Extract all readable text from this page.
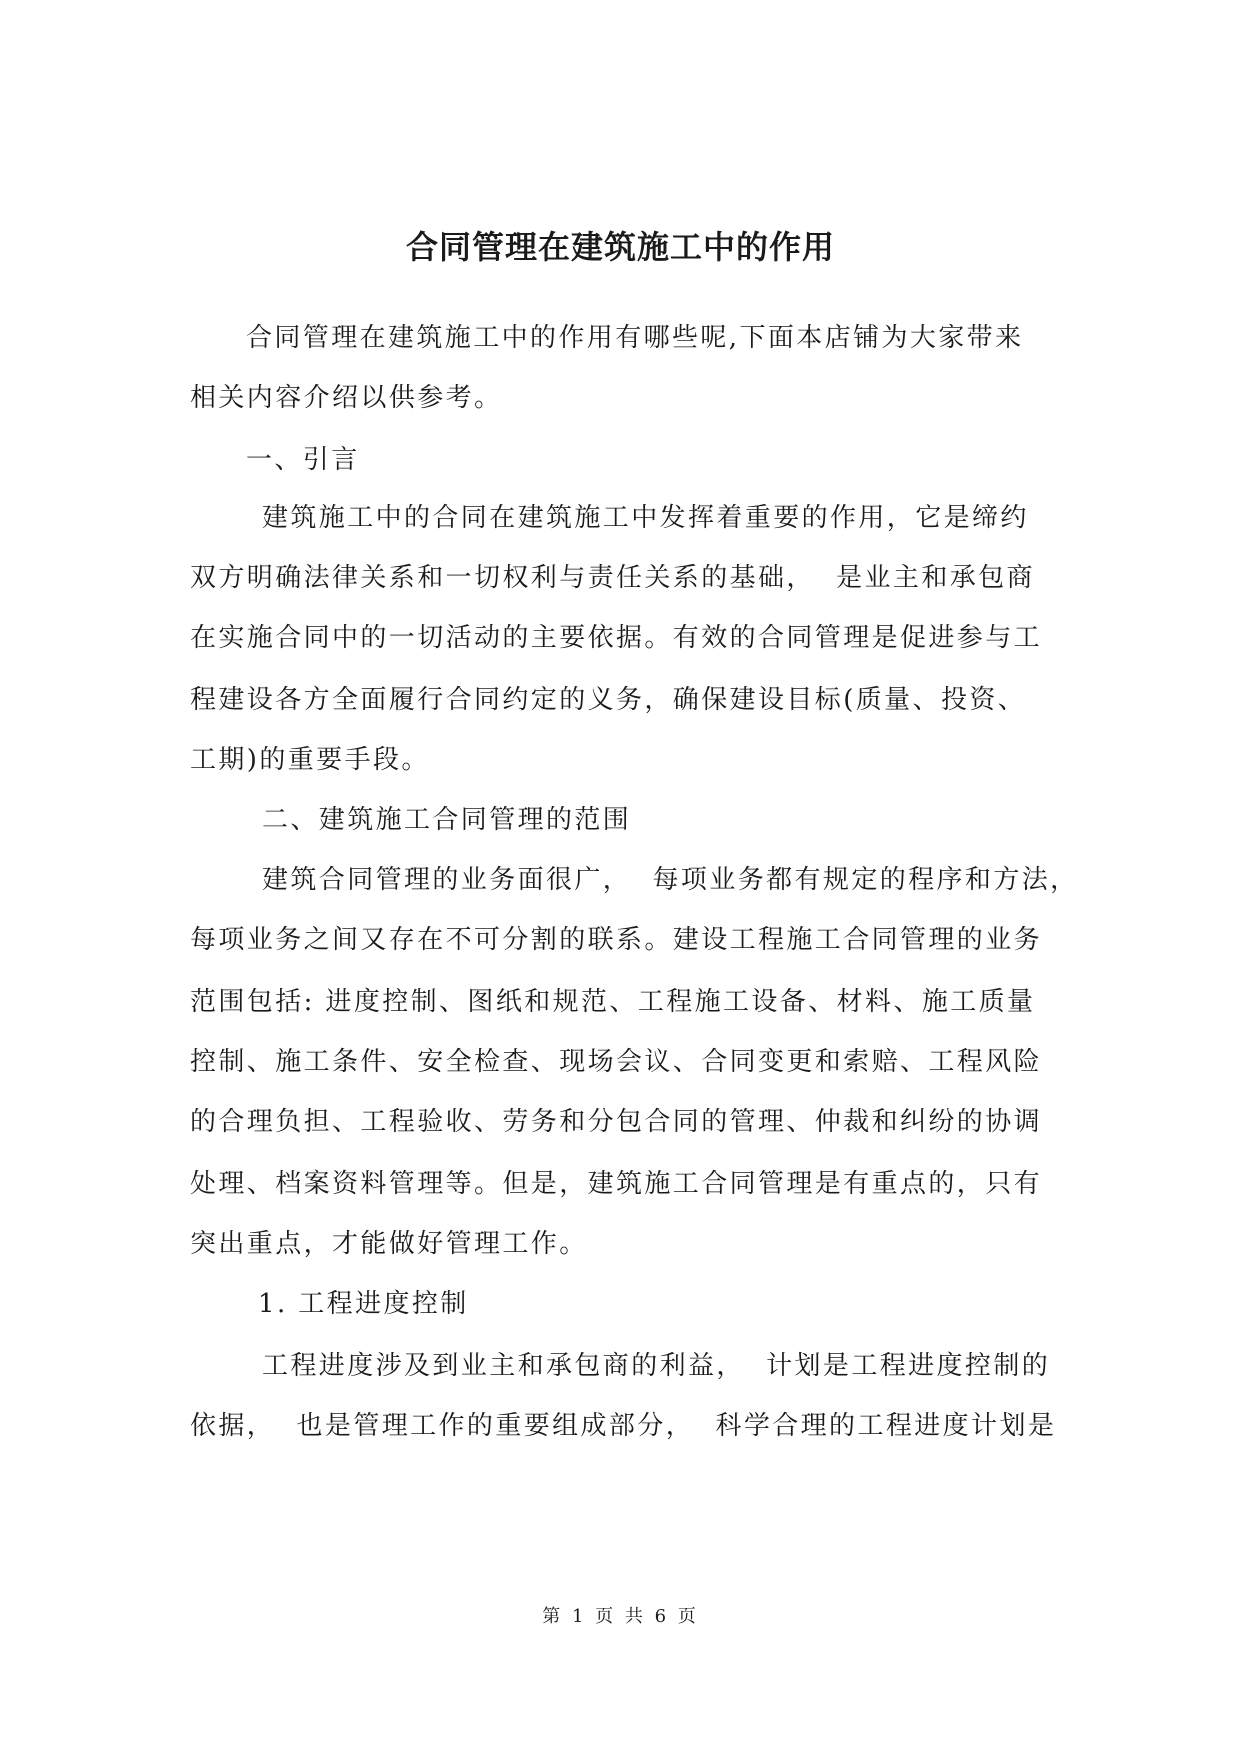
合同管理在建筑施工中的作用
合同管理在建筑施工中的作用有哪些呢,下面本店铺为大家带来
相关内容介绍以供参考。
一、引言
建筑施工中的合同在建筑施工中发挥着重要的作用，它是缔约
双方明确法律关系和一切权利与责任关系的基础，  是业主和承包商
在实施合同中的一切活动的主要依据。有效的合同管理是促进参与工
程建设各方全面履行合同约定的义务，确保建设目标(质量、投资、
工期)的重要手段。
二、建筑施工合同管理的范围
建筑合同管理的业务面很广，  每项业务都有规定的程序和方法，
每项业务之间又存在不可分割的联系。建设工程施工合同管理的业务
范围包括: 进度控制、图纸和规范、工程施工设备、材料、施工质量
控制、施工条件、安全检查、现场会议、合同变更和索赔、工程风险
的合理负担、工程验收、劳务和分包合同的管理、仲裁和纠纷的协调
处理、档案资料管理等。但是，建筑施工合同管理是有重点的，只有
突出重点，才能做好管理工作。
1. 工程进度控制
工程进度涉及到业主和承包商的利益，  计划是工程进度控制的
依据，  也是管理工作的重要组成部分，  科学合理的工程进度计划是
第 1 页 共 6 页
